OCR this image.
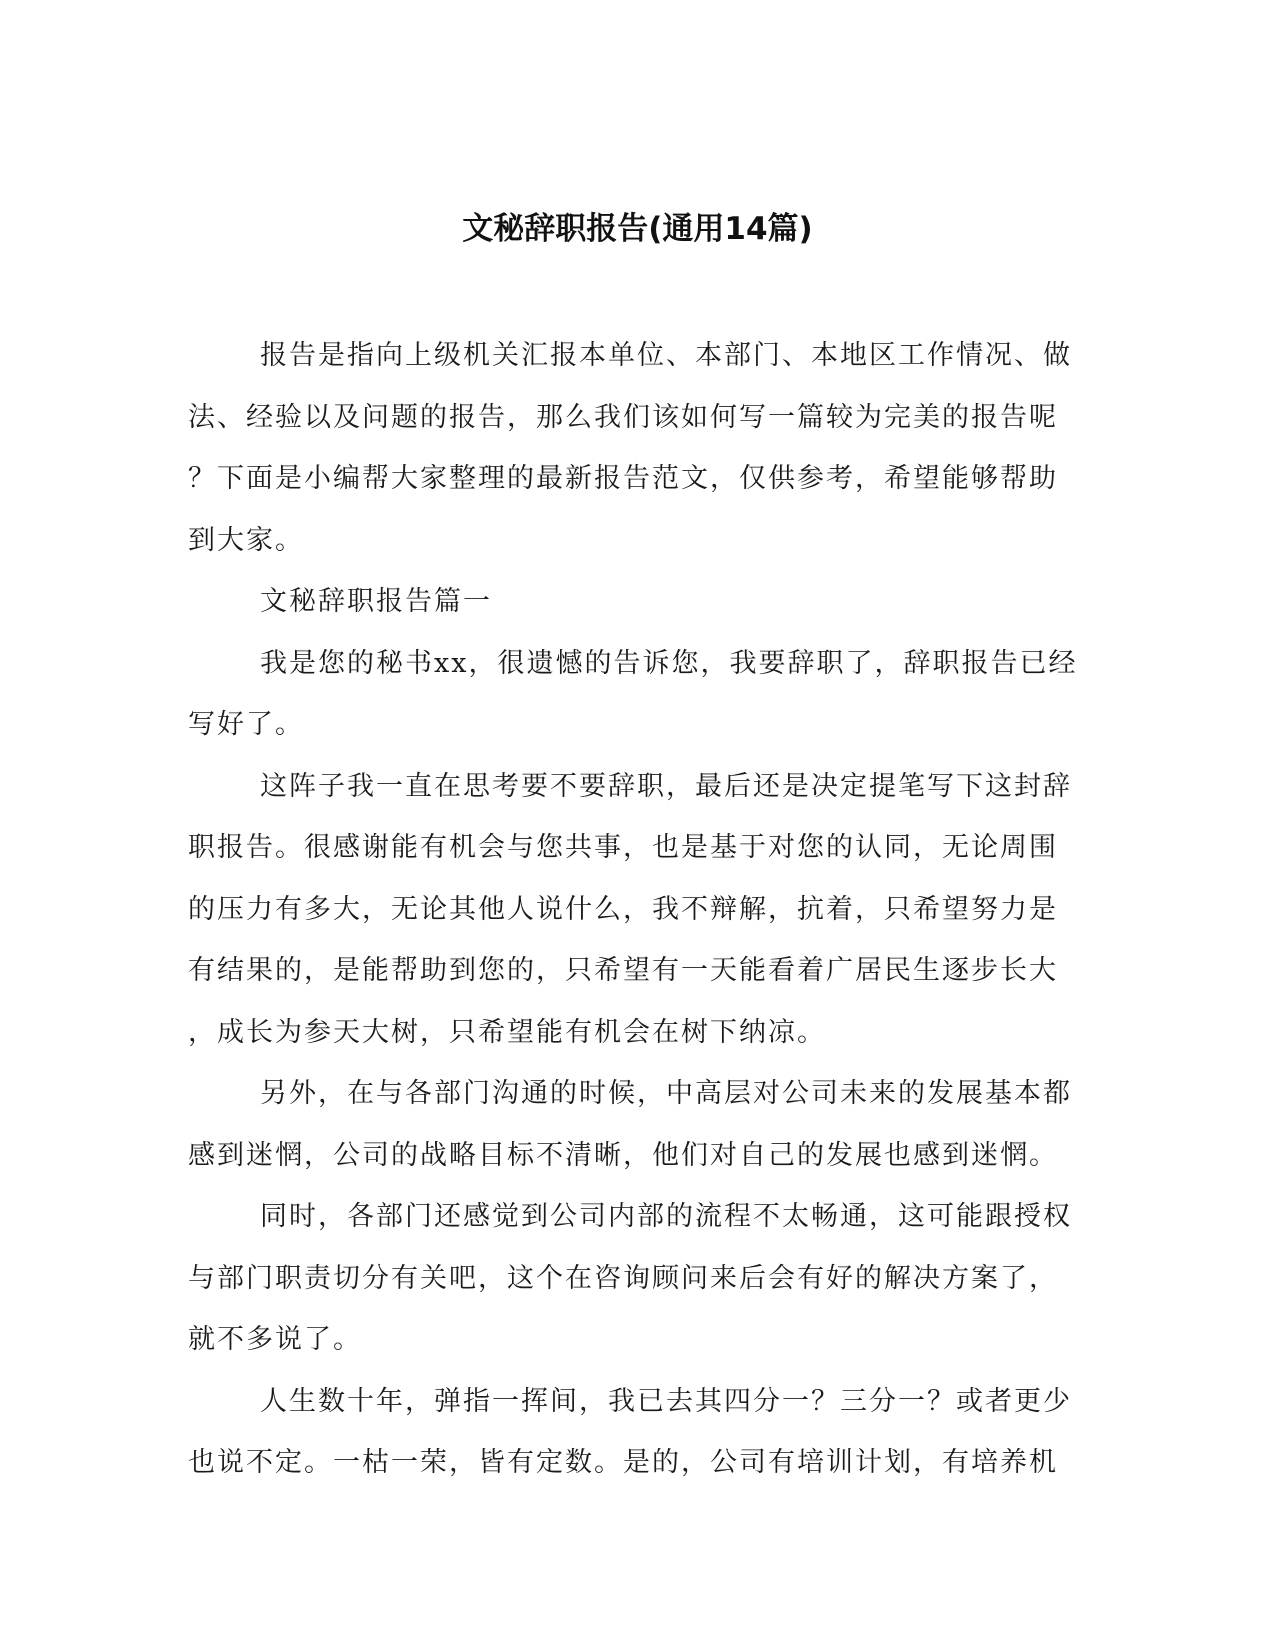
文秘辞职报告(通用14篇)

报告是指向上级机关汇报本单位、本部门、本地区工作情况、做
法、经验以及问题的报告，那么我们该如何写一篇较为完美的报告呢
？下面是小编帮大家整理的最新报告范文，仅供参考，希望能够帮助
到大家。

文秘辞职报告篇一

我是您的秘书xx，很遗憾的告诉您，我要辞职了，辞职报告已经
写好了。

这阵子我一直在思考要不要辞职，最后还是决定提笔写下这封辞
职报告。很感谢能有机会与您共事，也是基于对您的认同，无论周围
的压力有多大，无论其他人说什么，我不辩解，抗着，只希望努力是
有结果的，是能帮助到您的，只希望有一天能看着广居民生逐步长大
，成长为参天大树，只希望能有机会在树下纳凉。

另外，在与各部门沟通的时候，中高层对公司未来的发展基本都
感到迷惘，公司的战略目标不清晰，他们对自己的发展也感到迷惘。

同时，各部门还感觉到公司内部的流程不太畅通，这可能跟授权
与部门职责切分有关吧，这个在咨询顾问来后会有好的解决方案了，
就不多说了。

人生数十年，弹指一挥间，我已去其四分一？三分一？或者更少
也说不定。一枯一荣，皆有定数。是的，公司有培训计划，有培养机
